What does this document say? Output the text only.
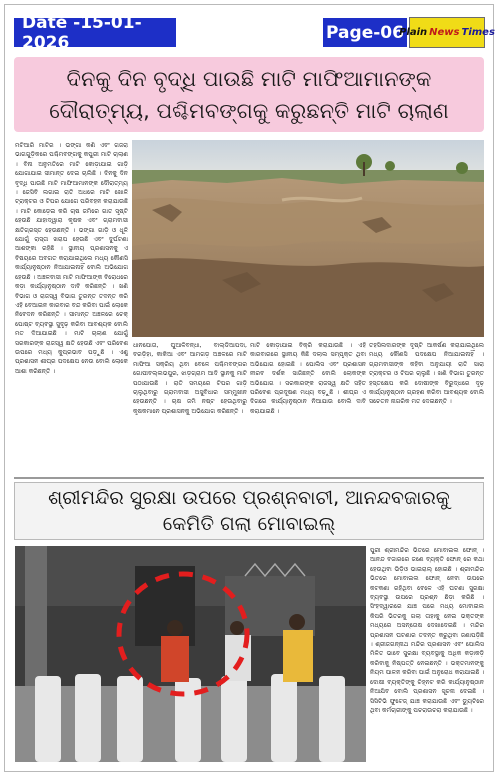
Date -15-01-2026	Page-06
Plain News Times
ଦିନକୁ ଦିନ ବୃଦ୍ଧି ପାଉଛି ମାଟି ମାଫିଆମାନଙ୍କ ଦୌରାତ୍ମ୍ୟ, ପଶ୍ଚିମବଙ୍ଗକୁ କରୁଛନ୍ତି ମାଟି ଚାଲାଣ
ମଟିଆରି ମାଟିର । ଭଙ୍ଗା କଣି ଏବଂ ଗଜରା ଭାଗଗୁଡ଼ିକରେ ପଶ୍ଚିମବଙ୍ଗକୁ କପୁରୀ ମାଟି ଚାଲାଣ । ବିନା ଅନୁମତିରେ ମାଟି କୋଡ଼ାଯାଇ ଗାଡ଼ି ଯୋଗାଯାଇ ସୀମାନ୍ତ ଦେଇ ଚାଲିଛି । ଦିନକୁ ଦିନ ବୃଦ୍ଧି ପାଉଛି ମାଟି ମାଫିଆମାନଙ୍କ ଦୌରାତ୍ମ୍ୟ । ଜେସିବି ଲଗାଇ ରାତି ଅଧରେ ମାଟି ଖୋଳି ଟ୍ରାକ୍ଟର ଓ ଟିପର ଯୋଗେ ପରିବହନ କରାଯାଉଛି । ମାଟି କୋଡ଼େଇ କରି ଚାଷ ଜମିରେ ଗାତ ସୃଷ୍ଟି ହେଉଛି ଯାହାଦ୍ୱାରା କୃଷକ ଏବଂ ଗ୍ରାମବାସୀ କ୍ଷତିଗ୍ରସ୍ତ ହେଉଛନ୍ତି । ଭଙ୍ଗା ଗାଡ଼ି ଓ ଧୂଳି ଯୋଗୁଁ ରାସ୍ତା ଖରାପ ହେଉଛି ଏବଂ ଦୁର୍ଘଟଣା ଆଶଙ୍କା ରହିଛି । ସ୍ଥାନୀୟ ପ୍ରଶାସନକୁ ଏ ବିଷୟରେ ଅବଗତ କରାଯାଇଥିଲେ ମଧ୍ୟ କୌଣସି କାର୍ଯ୍ୟାନୁଷ୍ଠାନ ନିଆଯାଇନାହିଁ ବୋଲି ଅଭିଯୋଗ ହେଉଛି । ଅଞ୍ଚଳବାସୀ ମାଟି ମାଫିଆଙ୍କ ବିରୋଧରେ କଡ଼ା କାର୍ଯ୍ୟାନୁଷ୍ଠାନ ଦାବି କରିଛନ୍ତି । ଖଣି ବିଭାଗ ଓ ରାଜସ୍ୱ ବିଭାଗ ତୁରନ୍ତ ତଦନ୍ତ କରି ଏହି ବେଆଇନ କାରବାର ବନ୍ଦ କରିବା ପାଇଁ ଲୋକେ ନିବେଦନ କରିଛନ୍ତି । ସୀମାନ୍ତ ଅଞ୍ଚଳରେ ଚେକ୍ ପୋଷ୍ଟ ବ୍ୟବସ୍ଥା ସୁଦୃଢ଼ କରିବା ଆବଶ୍ୟକ ବୋଲି ମତ ଦିଆଯାଇଛି । ମାଟି ଚାଲାଣ ଯୋଗୁଁ ସରକାରଙ୍କ ରାଜସ୍ୱ କ୍ଷତି ହେଉଛି ଏବଂ ପରିବେଶ ଉପରେ ମଧ୍ୟ କୁପ୍ରଭାବ ପଡ଼ୁଛି । ଏଣୁ ପ୍ରଶାସନ ଶୀଘ୍ର ପଦକ୍ଷେପ ନେଉ ବୋଲି ଲୋକେ ଆଶା କରିଛନ୍ତି ।
ଧାନପୋତା, ଘୁଆଳିବନ୍ଧା, ବାଲ୍ଡିଆପଦା, ବରଡ଼ିହା, କାକିଆ ଏବଂ ଆମଗଡ଼ ଅଞ୍ଚଳରେ ମାଟି ମାଫିଆ ସକ୍ରିୟ ଥିବା ବେଳେ ପଶ୍ଚିମବଙ୍ଗର ଗୋପୀବଲ୍ଲଭପୁର, ଝାଡ଼ଗ୍ରାମ ଆଦି ସ୍ଥାନକୁ ମାଟି ପଠାଯାଉଛି । ରାତି ସମୟରେ ଟିପର ଗାଡ଼ି ଚାଲୁଥିବାରୁ ଗ୍ରାମବାସୀ ଅସୁବିଧାର ସମ୍ମୁଖୀନ ହେଉଛନ୍ତି । ଚାଷ ଜମି ନଷ୍ଟ ହେଉଥିବାରୁ କୃଷକମାନେ ପ୍ରଶାସନକୁ ଅଭିଯୋଗ କରିଛନ୍ତି ।
ମାଟି କୋଡ଼ାଯାଇ ବିକ୍ରି କରାଯାଉଛି । ଏହି କାରବାରରେ ସ୍ଥାନୀୟ କିଛି ଦଲାଲ ସମ୍ପୃକ୍ତ ଥିବା ଅଭିଯୋଗ ହୋଇଛି । ପୋଲିସ ଏବଂ ପ୍ରଶାସନ ନୀରବ ଦର୍ଶକ ସାଜିଛନ୍ତି ବୋଲି ଲୋକଙ୍କ ଅଭିଯୋଗ । ସରକାରଙ୍କ ରାଜସ୍ୱ କ୍ଷତି ସହିତ ପରିବେଶ ପ୍ରଦୂଷଣ ମଧ୍ୟ ବଢ଼ୁଛି । ଶୀଘ୍ର ଏ ଦିଗରେ କାର୍ଯ୍ୟାନୁଷ୍ଠାନ ନିଆଯାଉ ବୋଲି ଦାବି କରାଯାଇଛି ।
ତହସିଲଦାରଙ୍କ ଦୃଷ୍ଟି ଆକର୍ଷଣ କରାଯାଇଥିଲେ ମଧ୍ୟ କୌଣସି ପଦକ୍ଷେପ ନିଆଯାଇନାହିଁ । ଗ୍ରାମବାସୀଙ୍କ କହିବା ଅନୁଯାୟୀ ରାତି ସାରା ଟ୍ରାକ୍ଟର ଓ ଟିପର ଚାଲୁଛି । ଖଣି ବିଭାଗ ତୁରନ୍ତ ହସ୍ତକ୍ଷେପ କରି ଦୋଷୀଙ୍କ ବିରୁଦ୍ଧରେ ଦୃଢ଼ କାର୍ଯ୍ୟାନୁଷ୍ଠାନ ଗ୍ରହଣ କରିବା ଆବଶ୍ୟକ ବୋଲି ସଚେତନ ନାଗରିକ ମତ ଦେଇଛନ୍ତି ।
ଶ୍ରୀମନ୍ଦିର ସୁରକ୍ଷା ଉପରେ ପ୍ରଶ୍ନବାଚୀ, ଆନନ୍ଦବଜାରକୁ କେମିତି ଗଲା ମୋବାଇଲ୍
ପୁରୀ ଶ୍ରୀମନ୍ଦିର ଭିତରେ ମୋବାଇଲ ଫୋନ୍ । ଆନନ୍ଦ ବଜାରରେ ଜଣେ ବ୍ୟକ୍ତି ଫୋନ୍ ରେ କଥା ହେଉଥିବା ଭିଡ଼ିଓ ଭାଇରାଲ୍ ହୋଇଛି । ଶ୍ରୀମନ୍ଦିର ଭିତରେ ମୋବାଇଲ ଫୋନ୍ ନେବା ଉପରେ କଟକଣା ରହିଥିବା ବେଳେ ଏହି ଘଟଣା ସୁରକ୍ଷା ବ୍ୟବସ୍ଥା ଉପରେ ପ୍ରଶ୍ନ ଛିଡ଼ା କରିଛି । ସିଂହଦ୍ୱାରରେ ଯାଞ୍ଚ ପରେ ମଧ୍ୟ ମୋବାଇଲ କିପରି ଭିତରକୁ ଗଲା ତାହାକୁ ନେଇ ଭକ୍ତଙ୍କ ମଧ୍ୟରେ ଅସନ୍ତୋଷ ଦେଖାଦେଇଛି । ମନ୍ଦିର ପ୍ରଶାସନ ଘଟଣାର ତଦନ୍ତ କରୁଥିବା ଜଣାପଡ଼ିଛି । ଶ୍ରୀଜଗନ୍ନାଥ ମନ୍ଦିର ପ୍ରଶାସନ ଏବଂ ପୋଲିସ ମିଳିତ ଭାବେ ସୁରକ୍ଷା ବ୍ୟବସ୍ଥାକୁ ଅଧିକ କଡ଼ାକଡ଼ି କରିବାକୁ ନିଷ୍ପତ୍ତି ନେଇଛନ୍ତି । ଭକ୍ତମାନଙ୍କୁ ନିୟମ ପାଳନ କରିବା ପାଇଁ ଅନୁରୋଧ କରାଯାଇଛି । ଦୋଷୀ ବ୍ୟକ୍ତିଙ୍କୁ ଚିହ୍ନଟ କରି କାର୍ଯ୍ୟାନୁଷ୍ଠାନ ନିଆଯିବ ବୋଲି ପ୍ରଶାସନ ସୂଚନା ଦେଇଛି । ସିସିଟିଭି ଫୁଟେଜ୍ ଯାଞ୍ଚ କରାଯାଉଛି ଏବଂ ଡ୍ୟୁଟିରେ ଥିବା କର୍ମଚାରୀଙ୍କୁ ପଚରାଉଚରା କରାଯାଉଛି ।
